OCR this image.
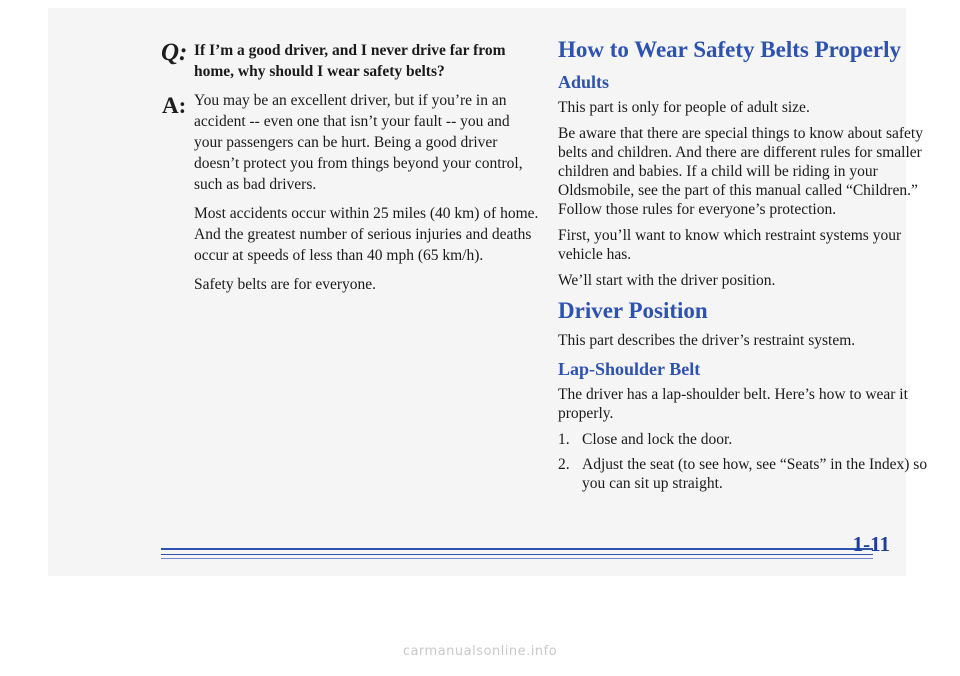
Q: If I’m a good driver, and I never drive far from home, why should I wear safety belts?

A: You may be an excellent driver, but if you’re in an accident -- even one that isn’t your fault -- you and your passengers can be hurt. Being a good driver doesn’t protect you from things beyond your control, such as bad drivers.

Most accidents occur within 25 miles (40 km) of home. And the greatest number of serious injuries and deaths occur at speeds of less than 40 mph (65 km/h).

Safety belts are for everyone.

How to Wear Safety Belts Properly
Adults

This part is only for people of adult size.

Be aware that there are special things to know about safety belts and children. And there are different rules for smaller children and babies. If a child will be riding in your Oldsmobile, see the part of this manual called “Children.” Follow those rules for everyone’s protection.

First, you’ll want to know which restraint systems your vehicle has.

We’ll start with the driver position.

Driver Position

This part describes the driver’s restraint system.

Lap-Shoulder Belt

The driver has a lap-shoulder belt. Here’s how to wear it properly.

1. Close and lock the door.
2. Adjust the seat (to see how, see “Seats” in the Index) so you can sit up straight.
1-11
carmanualsonline.info
